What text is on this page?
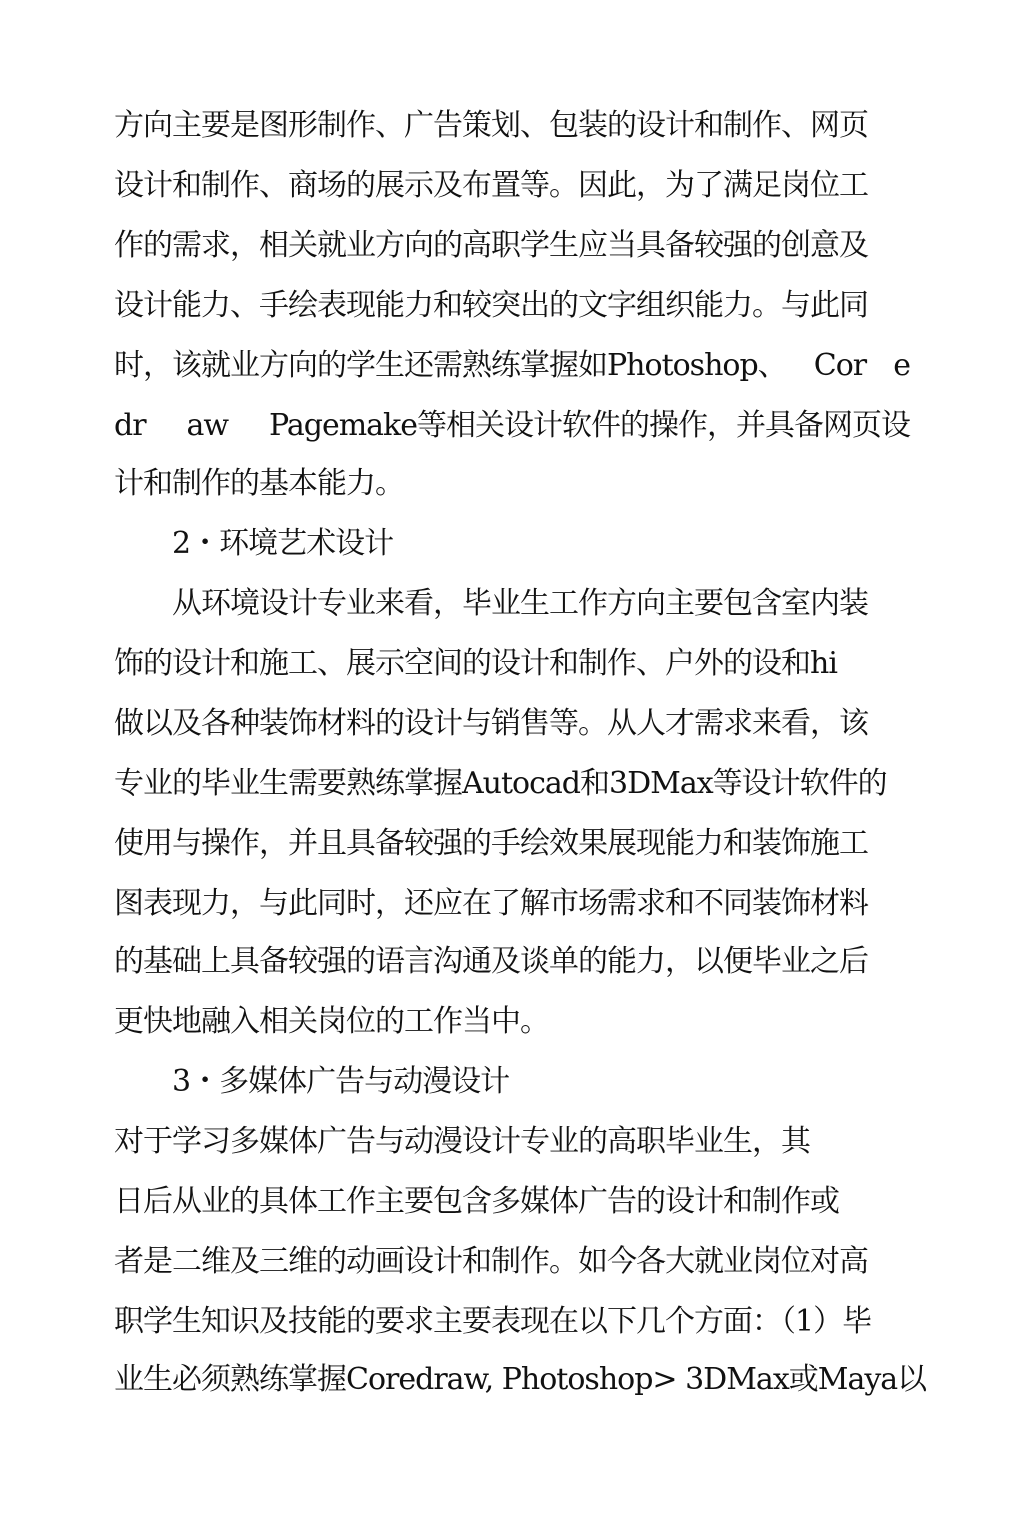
方向主要是图形制作、广告策划、包装的设计和制作、网页
设计和制作、商场的展示及布置等。因此，为了满足岗位工
作的需求，相关就业方向的高职学生应当具备较强的创意及
设计能力、手绘表现能力和较突出的文字组织能力。与此同
时，该就业方向的学生还需熟练掌握如Photoshop、 Cor e
dr aw Pagemake等相关设计软件的操作，并具备网页设
计和制作的基本能力。
2・环境艺术设计
从环境设计专业来看，毕业生工作方向主要包含室内装
饰的设计和施工、展示空间的设计和制作、户外的设和hi
做以及各种装饰材料的设计与销售等。从人才需求来看，该
专业的毕业生需要熟练掌握Autocad和3DMax等设计软件的
使用与操作，并且具备较强的手绘效果展现能力和装饰施工
图表现力，与此同时，还应在了解市场需求和不同装饰材料
的基础上具备较强的语言沟通及谈单的能力，以便毕业之后
更快地融入相关岗位的工作当中。
3・多媒体广告与动漫设计
对于学习多媒体广告与动漫设计专业的高职毕业生，其
日后从业的具体工作主要包含多媒体广告的设计和制作或
者是二维及三维的动画设计和制作。如今各大就业岗位对高
职学生知识及技能的要求主要表现在以下几个方面：（1）毕
业生必须熟练掌握Coredraw, Photoshop> 3DMax或Maya以
